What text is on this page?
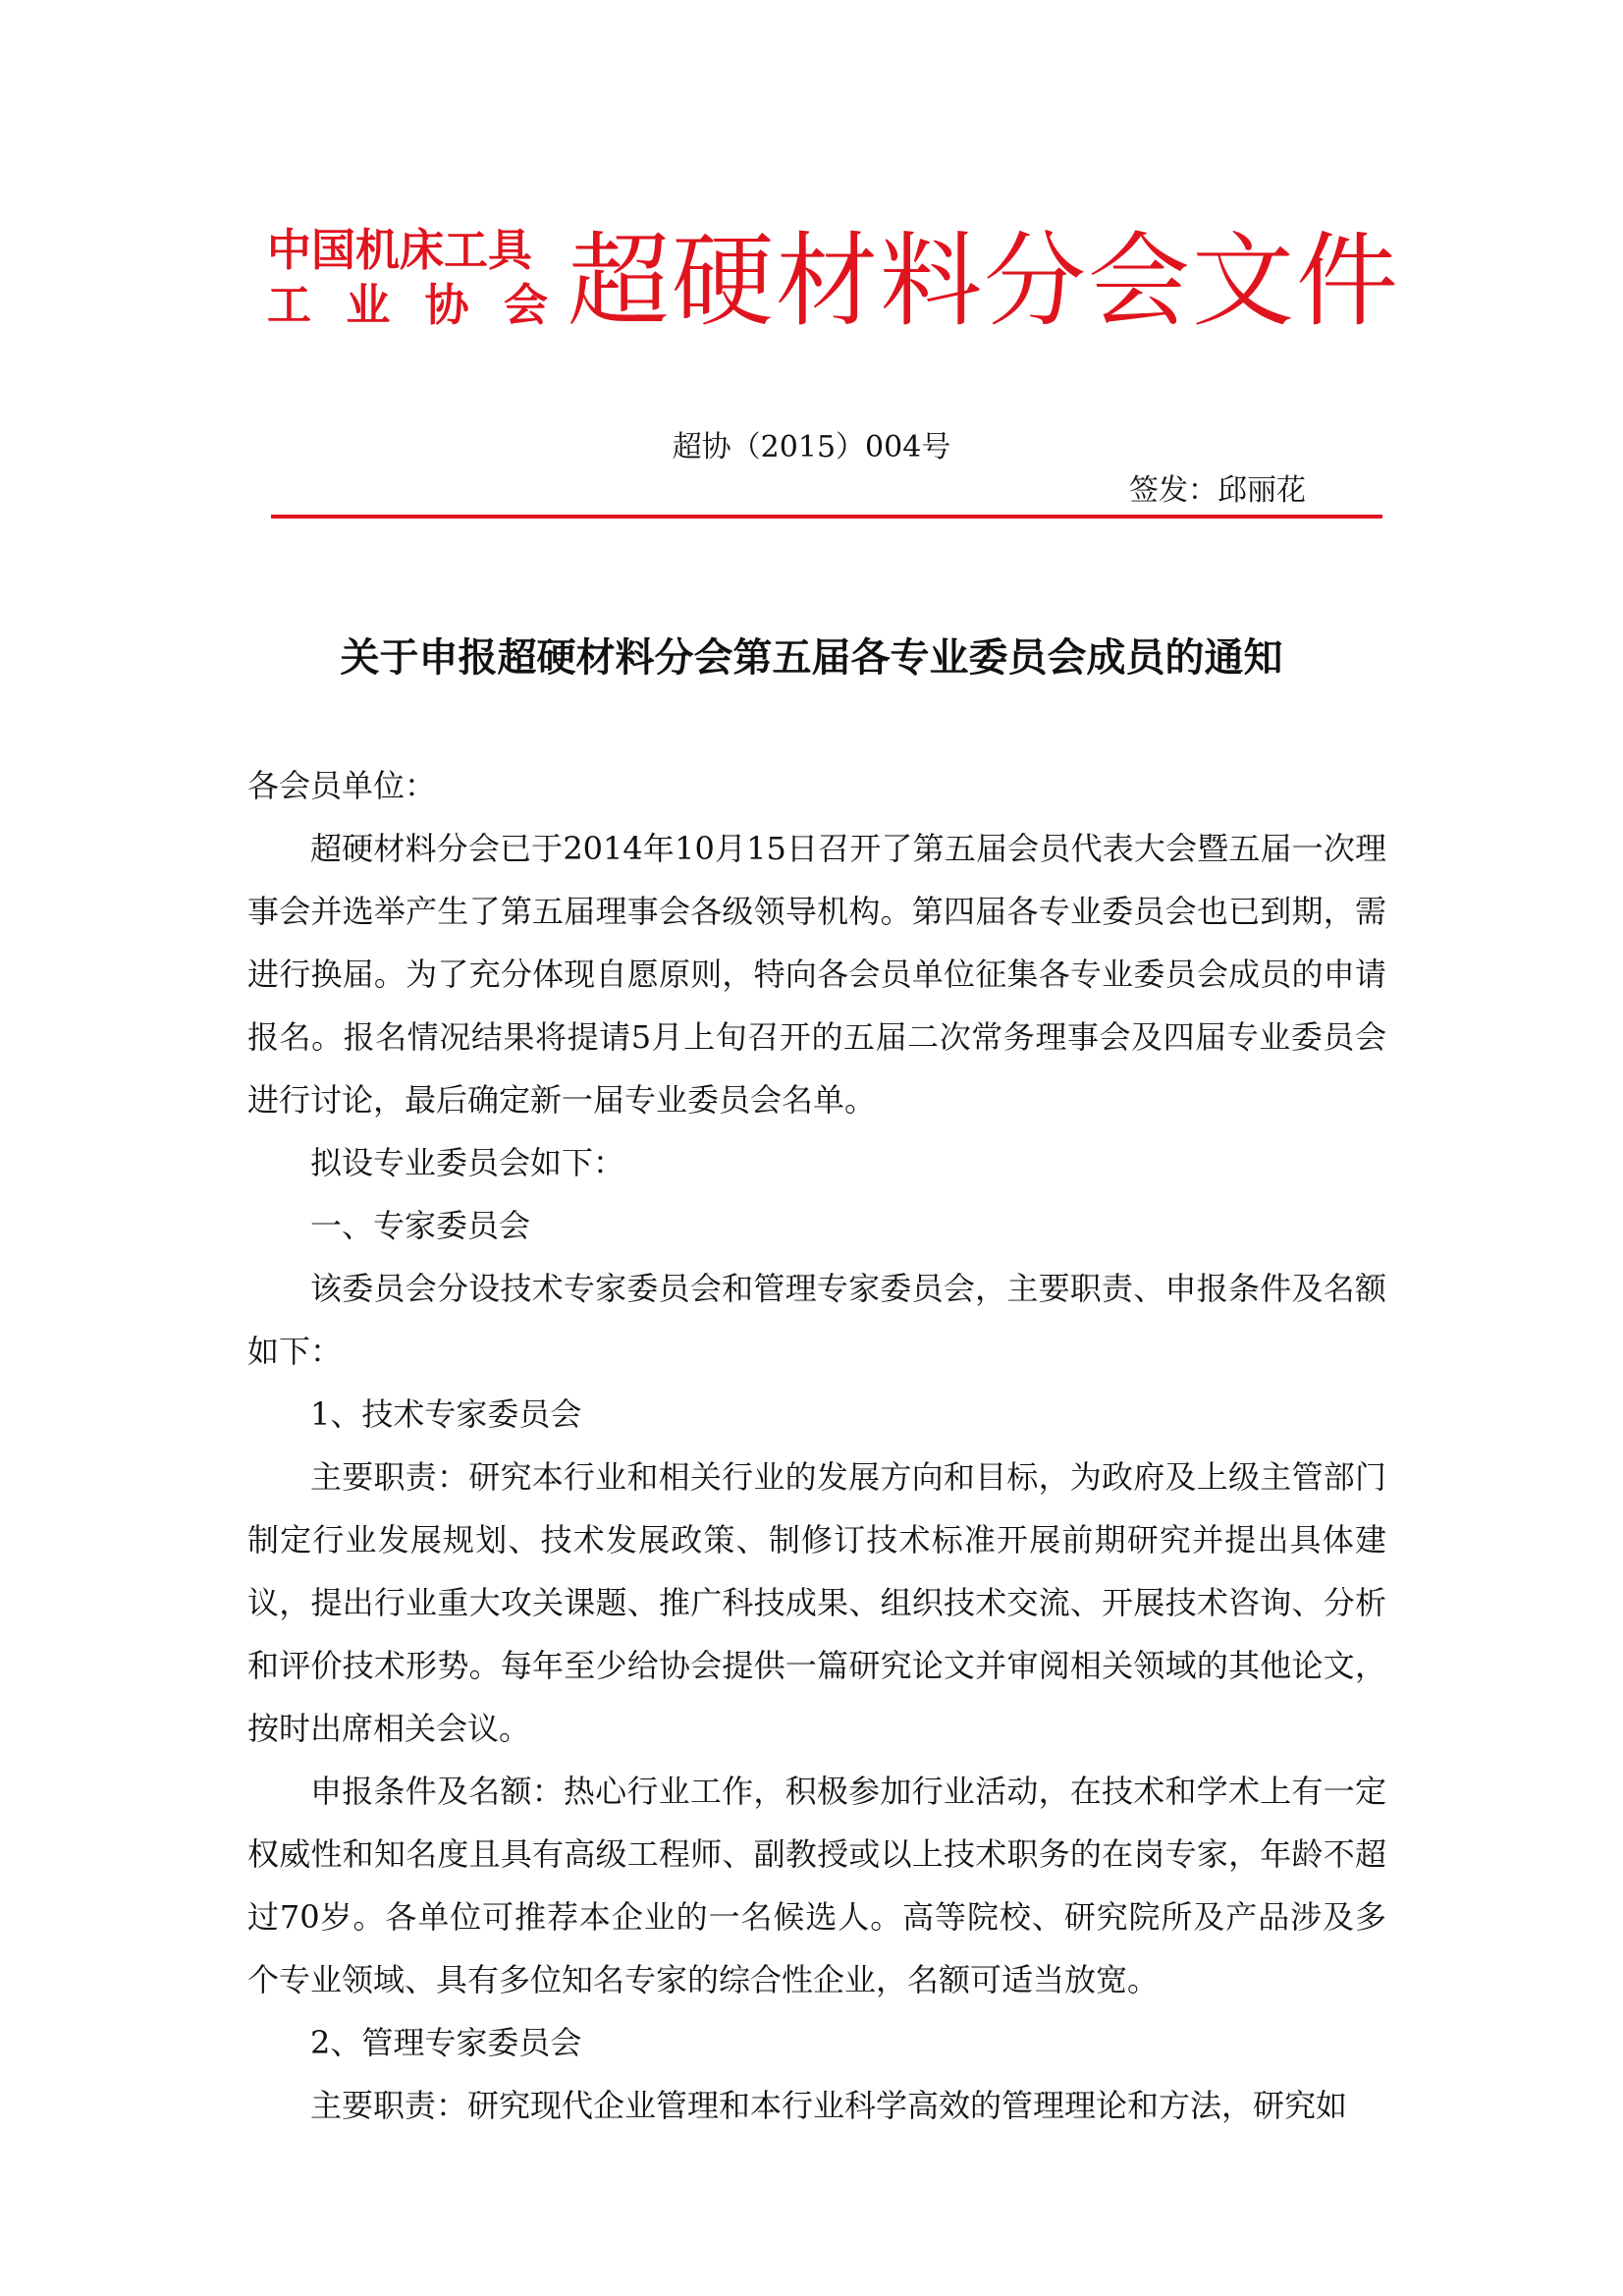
中国机床工具
工 业 协 会 超硬材料分会文件
超协（2015）004号
签发：邱丽花
关于申报超硬材料分会第五届各专业委员会成员的通知

各会员单位：

超硬材料分会已于2014年10月15日召开了第五届会员代表大会暨五届一次理事会并选举产生了第五届理事会各级领导机构。第四届各专业委员会也已到期，需进行换届。为了充分体现自愿原则，特向各会员单位征集各专业委员会成员的申请报名。报名情况结果将提请5月上旬召开的五届二次常务理事会及四届专业委员会进行讨论，最后确定新一届专业委员会名单。

拟设专业委员会如下：

一、专家委员会

该委员会分设技术专家委员会和管理专家委员会，主要职责、申报条件及名额如下：

1、技术专家委员会

主要职责：研究本行业和相关行业的发展方向和目标，为政府及上级主管部门制定行业发展规划、技术发展政策、制修订技术标准开展前期研究并提出具体建议，提出行业重大攻关课题、推广科技成果、组织技术交流、开展技术咨询、分析和评价技术形势。每年至少给协会提供一篇研究论文并审阅相关领域的其他论文，按时出席相关会议。

申报条件及名额：热心行业工作，积极参加行业活动，在技术和学术上有一定权威性和知名度且具有高级工程师、副教授或以上技术职务的在岗专家，年龄不超过70岁。各单位可推荐本企业的一名候选人。高等院校、研究院所及产品涉及多个专业领域、具有多位知名专家的综合性企业，名额可适当放宽。

2、管理专家委员会

主要职责：研究现代企业管理和本行业科学高效的管理理论和方法，研究如
